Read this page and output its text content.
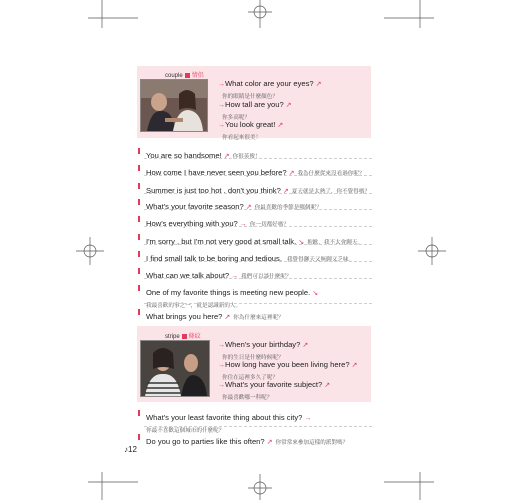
couple 情侶
→What color are your eyes? ↗
你的眼睛是什麼顏色？
→How tall are you? ↗
你多高呢？
→You look great! ↗
你看起來很美！
You are so handsome! ↗ 你很英俊！
How come I have never seen you before? ↗ 我為什麼從來沒看過你呢？
Summer is just too hot , don't you think? ↗ 夏天就是太熱了，你不覺得嗎？
What's your favorite season? ↗ 你最喜歡的季節是哪個呢？
How's everything with you? → 你一切都好嗎？
I'm sorry , but I'm not very good at small talk. ↘ 抱歉，我不太會聊天。
I find small talk to be boring and tedious. 我覺得聊天又無聊又乏味。
What can we talk about? → 我們可以談什麼呢？
One of my favorite things is meeting new people. ↘
我最喜歡的事之一，就是認識新的人。
What brings you here? ↗ 你為什麼來這裡呢？
stripe 條紋
→When's your birthday? ↗
你的生日是什麼時候呢？
→How long have you been living here? ↗
你住在這裡多久了呢？
→What's your favorite subject? ↗
你最喜歡哪一科呢？
What's your least favorite thing about this city? →
你最不喜歡這個城市的什麼呢？
Do you go to parties like this often? ↗ 你常常來參加這樣的派對嗎？
♪12
